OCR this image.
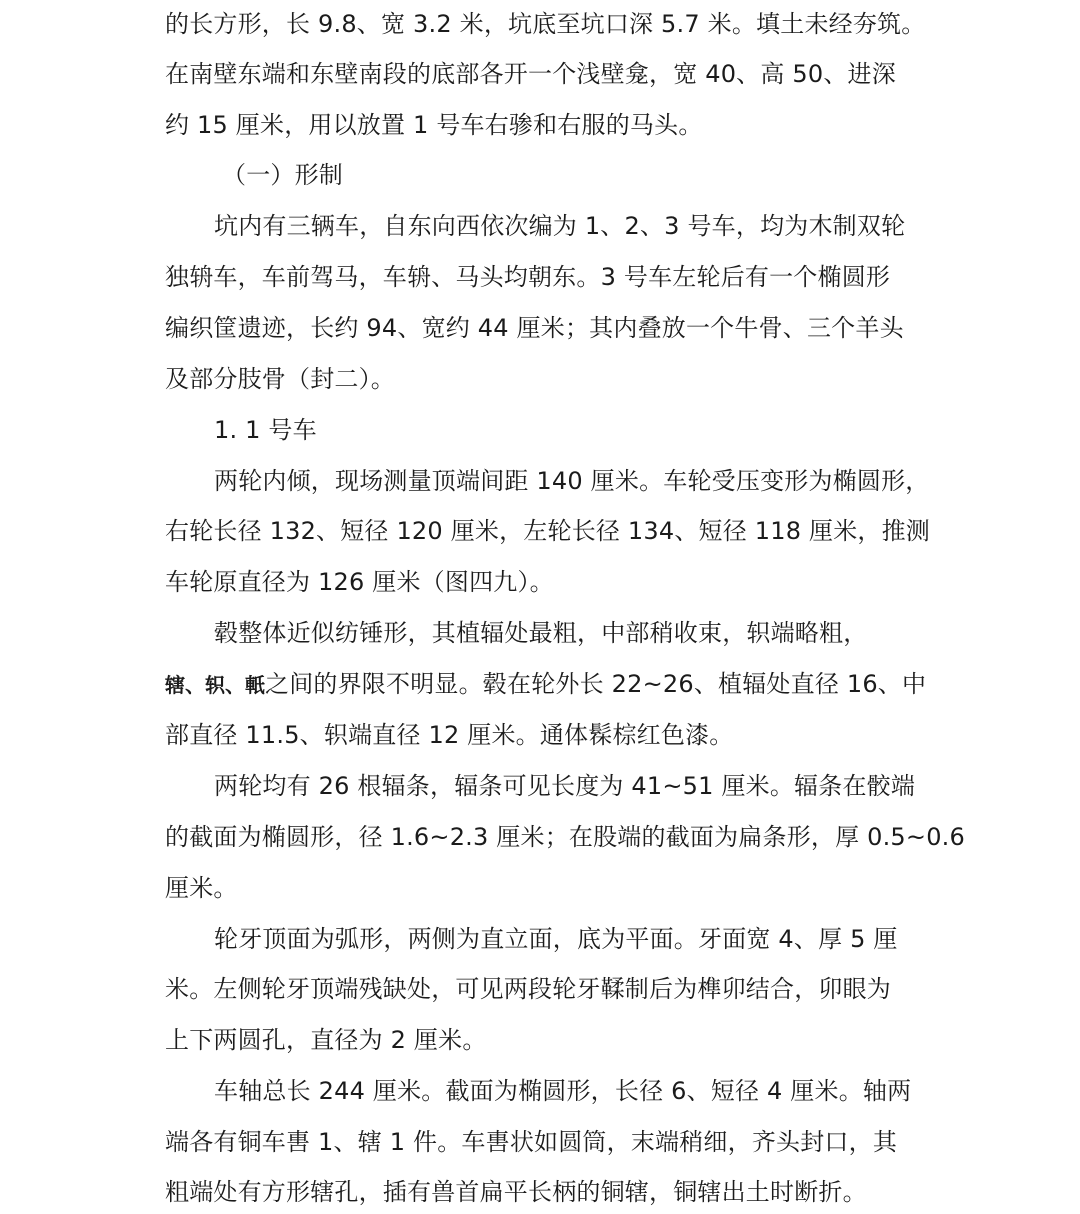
的长方形，长 9.8、宽 3.2 米，坑底至坑口深 5.7 米。填土未经夯筑。
在南壁东端和东壁南段的底部各开一个浅壁龛，宽 40、高 50、进深
约 15 厘米，用以放置 1 号车右骖和右服的马头。
（一）形制
坑内有三辆车，自东向西依次编为 1、2、3 号车，均为木制双轮
独辀车，车前驾马，车辀、马头均朝东。3 号车左轮后有一个椭圆形
编织筐遗迹，长约 94、宽约 44 厘米；其内叠放一个牛骨、三个羊头
及部分肢骨（封二）。
1. 1 号车
两轮内倾，现场测量顶端间距 140 厘米。车轮受压变形为椭圆形，
右轮长径 132、短径 120 厘米，左轮长径 134、短径 118 厘米，推测
车轮原直径为 126 厘米（图四九）。
毂整体近似纺锤形，其植辐处最粗，中部稍收束，轵端略粗，
辖、轵、軝之间的界限不明显。毂在轮外长 22~26、植辐处直径 16、中
部直径 11.5、轵端直径 12 厘米。通体髹棕红色漆。
两轮均有 26 根辐条，辐条可见长度为 41~51 厘米。辐条在骹端
的截面为椭圆形，径 1.6~2.3 厘米；在股端的截面为扁条形，厚 0.5~0.6
厘米。
轮牙顶面为弧形，两侧为直立面，底为平面。牙面宽 4、厚 5 厘
米。左侧轮牙顶端残缺处，可见两段轮牙鞣制后为榫卯结合，卯眼为
上下两圆孔，直径为 2 厘米。
车轴总长 244 厘米。截面为椭圆形，长径 6、短径 4 厘米。轴两
端各有铜车軎 1、辖 1 件。车軎状如圆筒，末端稍细，齐头封口，其
粗端处有方形辖孔，插有兽首扁平长柄的铜辖，铜辖出土时断折。
